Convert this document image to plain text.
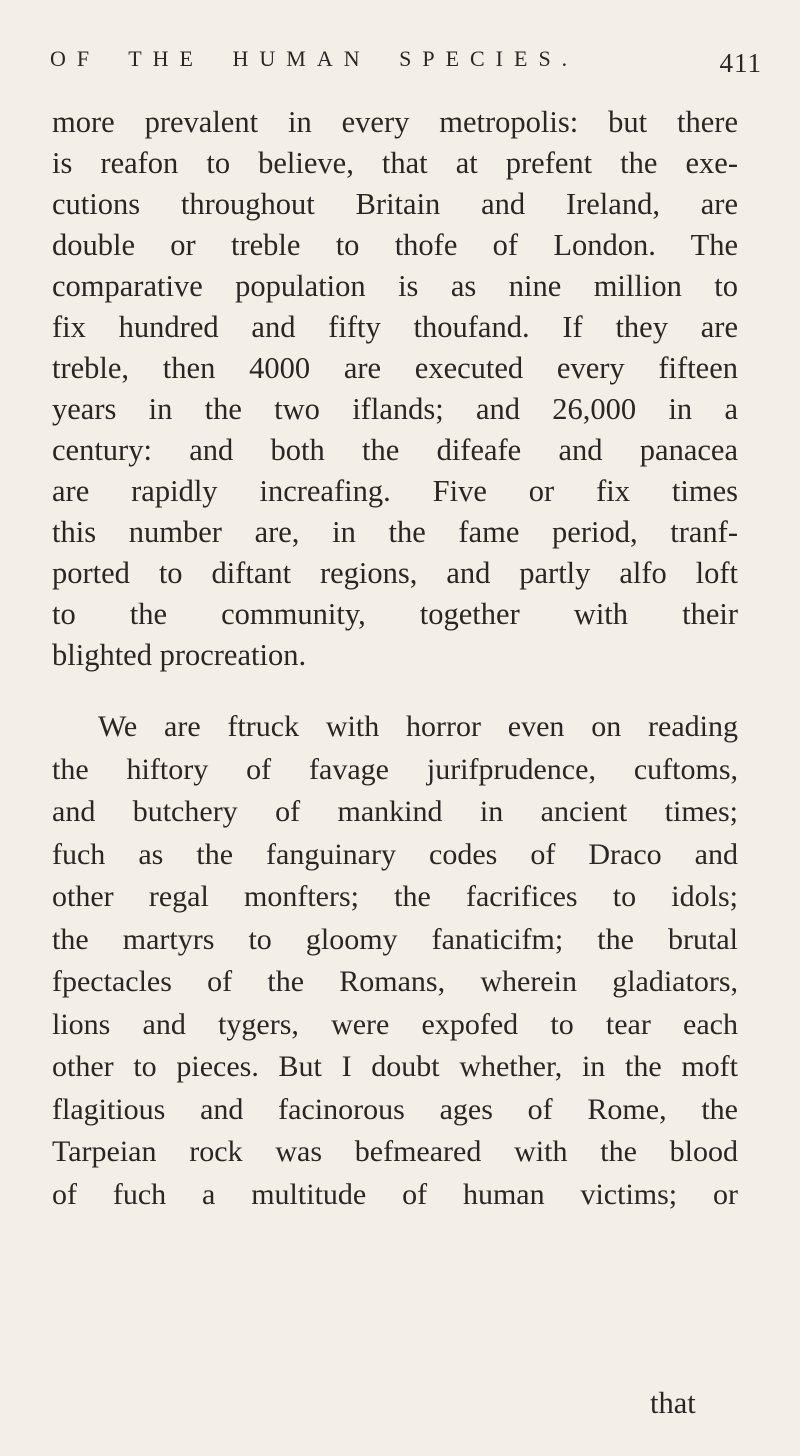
OF THE HUMAN SPECIES.	411
more prevalent in every metropolis: but there
is reafon to believe, that at prefent the exe-
cutions throughout Britain and Ireland, are
double or treble to thofe of London. The
comparative population is as nine million to
fix hundred and fifty thoufand. If they are
treble, then 4000 are executed every fifteen
years in the two iflands; and 26,000 in a
century: and both the difeafe and panacea
are rapidly increafing. Five or fix times
this number are, in the fame period, tranf-
ported to diftant regions, and partly alfo loft
to the community, together with their
blighted procreation.
We are ftruck with horror even on reading
the hiftory of favage jurifprudence, cuftoms,
and butchery of mankind in ancient times;
fuch as the fanguinary codes of Draco and
other regal monfters; the facrifices to idols;
the martyrs to gloomy fanaticifm; the brutal
fpectacles of the Romans, wherein gladiators,
lions and tygers, were expofed to tear each
other to pieces. But I doubt whether, in the moft
flagitious and facinorous ages of Rome, the
Tarpeian rock was befmeared with the blood
of fuch a multitude of human victims; or
that
